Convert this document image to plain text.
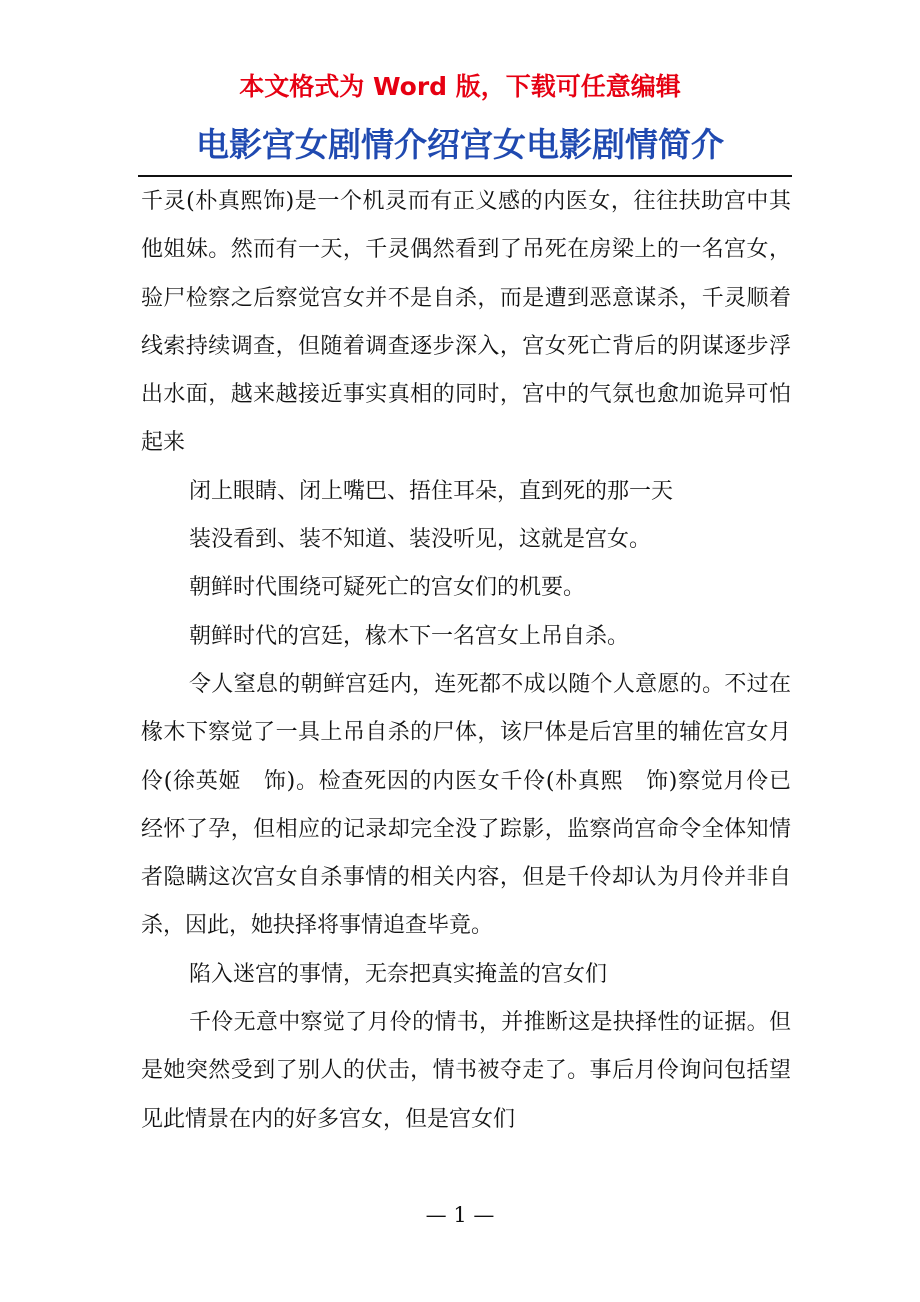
本文格式为 Word 版，下载可任意编辑
电影宫女剧情介绍宫女电影剧情简介

千灵(朴真熙饰)是一个机灵而有正义感的内医女，往往扶助宫中其他姐妹。然而有一天，千灵偶然看到了吊死在房梁上的一名宫女，验尸检察之后察觉宫女并不是自杀，而是遭到恶意谋杀，千灵顺着线索持续调查，但随着调查逐步深入，宫女死亡背后的阴谋逐步浮出水面，越来越接近事实真相的同时，宫中的气氛也愈加诡异可怕起来

闭上眼睛、闭上嘴巴、捂住耳朵，直到死的那一天

装没看到、装不知道、装没听见，这就是宫女。

朝鲜时代围绕可疑死亡的宫女们的机要。

朝鲜时代的宫廷，椽木下一名宫女上吊自杀。

令人窒息的朝鲜宫廷内，连死都不成以随个人意愿的。不过在椽木下察觉了一具上吊自杀的尸体，该尸体是后宫里的辅佐宫女月伶(徐英姬　饰)。检查死因的内医女千伶(朴真熙　饰)察觉月伶已经怀了孕，但相应的记录却完全没了踪影，监察尚宫命令全体知情者隐瞒这次宫女自杀事情的相关内容，但是千伶却认为月伶并非自杀，因此，她抉择将事情追查毕竟。

陷入迷宫的事情，无奈把真实掩盖的宫女们

千伶无意中察觉了月伶的情书，并推断这是抉择性的证据。但是她突然受到了别人的伏击，情书被夺走了。事后月伶询问包括望见此情景在内的好多宫女，但是宫女们

— 1 —
